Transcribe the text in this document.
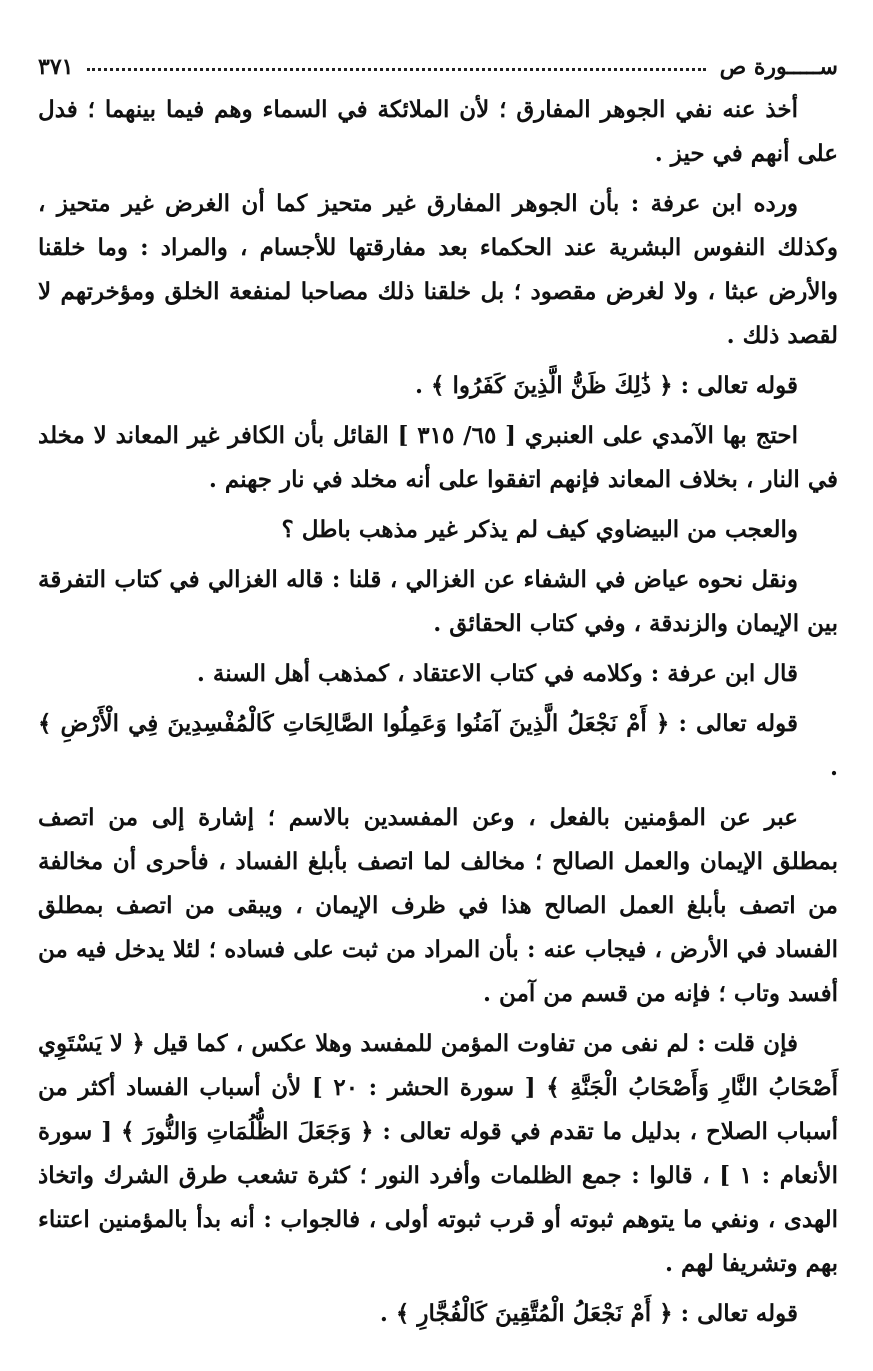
ســـــورة ص
٣٧١

أخذ عنه نفي الجوهر المفارق ؛ لأن الملائكة في السماء وهم فيما بينهما ؛ فدل على أنهم في حيز .

ورده ابن عرفة : بأن الجوهر المفارق غير متحيز كما أن الغرض غير متحيز ، وكذلك النفوس البشرية عند الحكماء بعد مفارقتها للأجسام ، والمراد : وما خلقنا والأرض عبثا ، ولا لغرض مقصود ؛ بل خلقنا ذلك مصاحبا لمنفعة الخلق ومؤخرتهم لا لقصد ذلك .

قوله تعالى : ﴿ ذَٰلِكَ ظَنُّ الَّذِينَ كَفَرُوا ﴾ .

احتج بها الآمدي على العنبري [ ٦٥/ ٣١٥ ] القائل بأن الكافر غير المعاند لا مخلد في النار ، بخلاف المعاند فإنهم اتفقوا على أنه مخلد في نار جهنم .

والعجب من البيضاوي كيف لم يذكر غير مذهب باطل ؟

ونقل نحوه عياض في الشفاء عن الغزالي ، قلنا : قاله الغزالي في كتاب التفرقة بين الإيمان والزندقة ، وفي كتاب الحقائق .

قال ابن عرفة : وكلامه في كتاب الاعتقاد ، كمذهب أهل السنة .

قوله تعالى : ﴿ أَمْ نَجْعَلُ الَّذِينَ آمَنُوا وَعَمِلُوا الصَّالِحَاتِ كَالْمُفْسِدِينَ فِي الْأَرْضِ ﴾ .

عبر عن المؤمنين بالفعل ، وعن المفسدين بالاسم ؛ إشارة إلى من اتصف بمطلق الإيمان والعمل الصالح ؛ مخالف لما اتصف بأبلغ الفساد ، فأحرى أن مخالفة من اتصف بأبلغ العمل الصالح هذا في ظرف الإيمان ، ويبقى من اتصف بمطلق الفساد في الأرض ، فيجاب عنه : بأن المراد من ثبت على فساده ؛ لئلا يدخل فيه من أفسد وتاب ؛ فإنه من قسم من آمن .

فإن قلت : لم نفى من تفاوت المؤمن للمفسد وهلا عكس ، كما قيل ﴿ لا يَسْتَوِي أَصْحَابُ النَّارِ وَأَصْحَابُ الْجَنَّةِ ﴾ [ سورة الحشر : ٢٠ ] لأن أسباب الفساد أكثر من أسباب الصلاح ، بدليل ما تقدم في قوله تعالى : ﴿ وَجَعَلَ الظُّلُمَاتِ وَالنُّورَ ﴾ [ سورة الأنعام : ١ ] ، قالوا : جمع الظلمات وأفرد النور ؛ كثرة تشعب طرق الشرك واتخاذ الهدى ، ونفي ما يتوهم ثبوته أو قرب ثبوته أولى ، فالجواب : أنه بدأ بالمؤمنين اعتناء بهم وتشريفا لهم .

قوله تعالى : ﴿ أَمْ نَجْعَلُ الْمُتَّقِينَ كَالْفُجَّارِ ﴾ .
